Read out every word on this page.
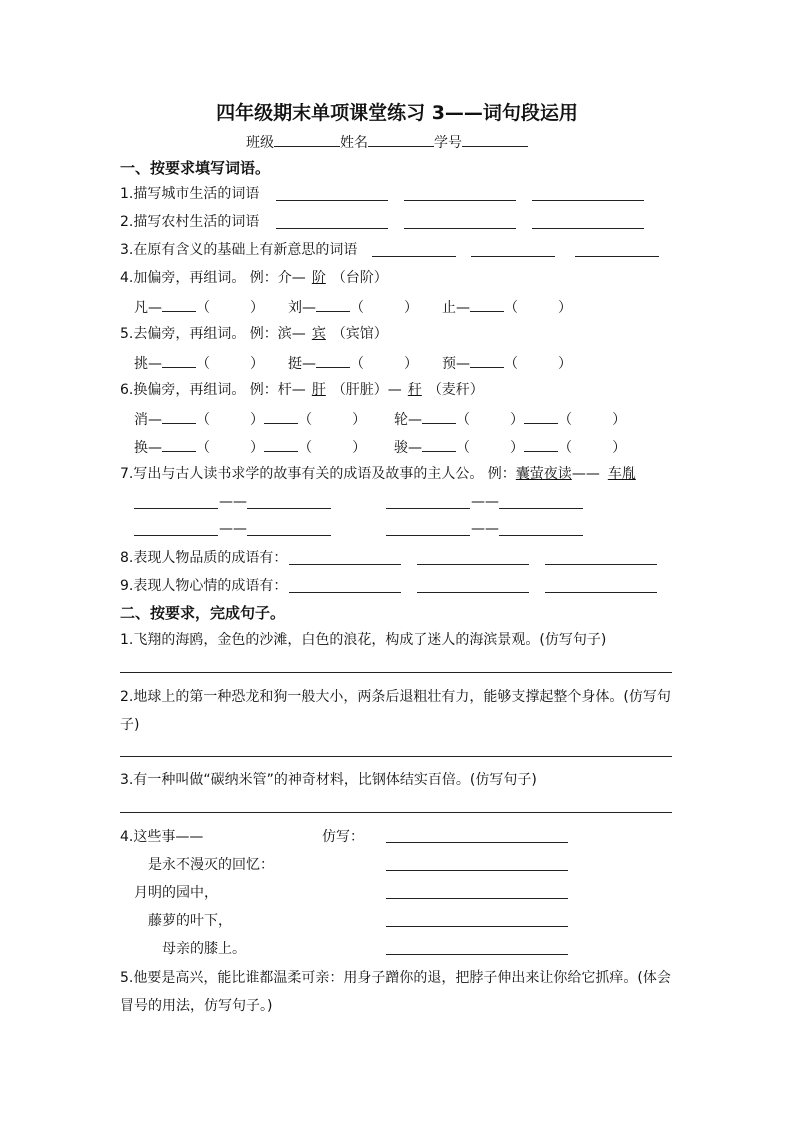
四年级期末单项课堂练习 3——词句段运用
班级	姓名	学号
一、按要求填写词语。
1.描写城市生活的词语
2.描写农村生活的词语
3.在原有含义的基础上有新意思的词语
4.加偏旁，再组词。 例：介— 阶 （台阶）
凡— （         ） 刘— （         ） 止— （         ）
5.去偏旁，再组词。 例：滨— 宾 （宾馆）
挑— （         ） 挺— （         ） 预— （         ）
6.换偏旁，再组词。 例：杆— 肝 （肝脏）— 秆 （麦秆）
消— （         ） （         ） 轮— （         ） （         ）
换— （         ） （         ） 骏— （         ） （         ）
7.写出与古人读书求学的故事有关的成语及故事的主人公。 例：囊萤夜读—— 车胤
——	——
——	——
8.表现人物品质的成语有：
9.表现人物心情的成语有：
二、按要求，完成句子。
1.飞翔的海鸥，金色的沙滩，白色的浪花，构成了迷人的海滨景观。(仿写句子)
2.地球上的第一种恐龙和狗一般大小，两条后退粗壮有力，能够支撑起整个身体。(仿写句
子)
3.有一种叫做“碳纳米管”的神奇材料，比钢体结实百倍。(仿写句子)
4.这些事——
是永不漫灭的回忆：
月明的园中，
藤萝的叶下，
母亲的膝上。
仿写：
5.他要是高兴，能比谁都温柔可亲：用身子蹭你的退，把脖子伸出来让你给它抓痒。(体会
冒号的用法，仿写句子。)
